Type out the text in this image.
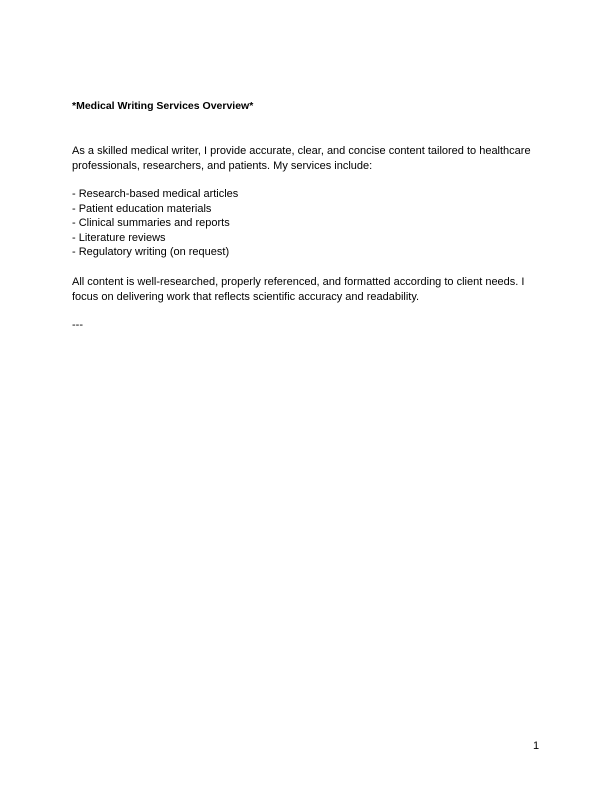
*Medical Writing Services Overview*
As a skilled medical writer, I provide accurate, clear, and concise content tailored to healthcare
professionals, researchers, and patients. My services include:
- Research-based medical articles
- Patient education materials
- Clinical summaries and reports
- Literature reviews
- Regulatory writing (on request)
All content is well-researched, properly referenced, and formatted according to client needs. I
focus on delivering work that reflects scientific accuracy and readability.
---
1
